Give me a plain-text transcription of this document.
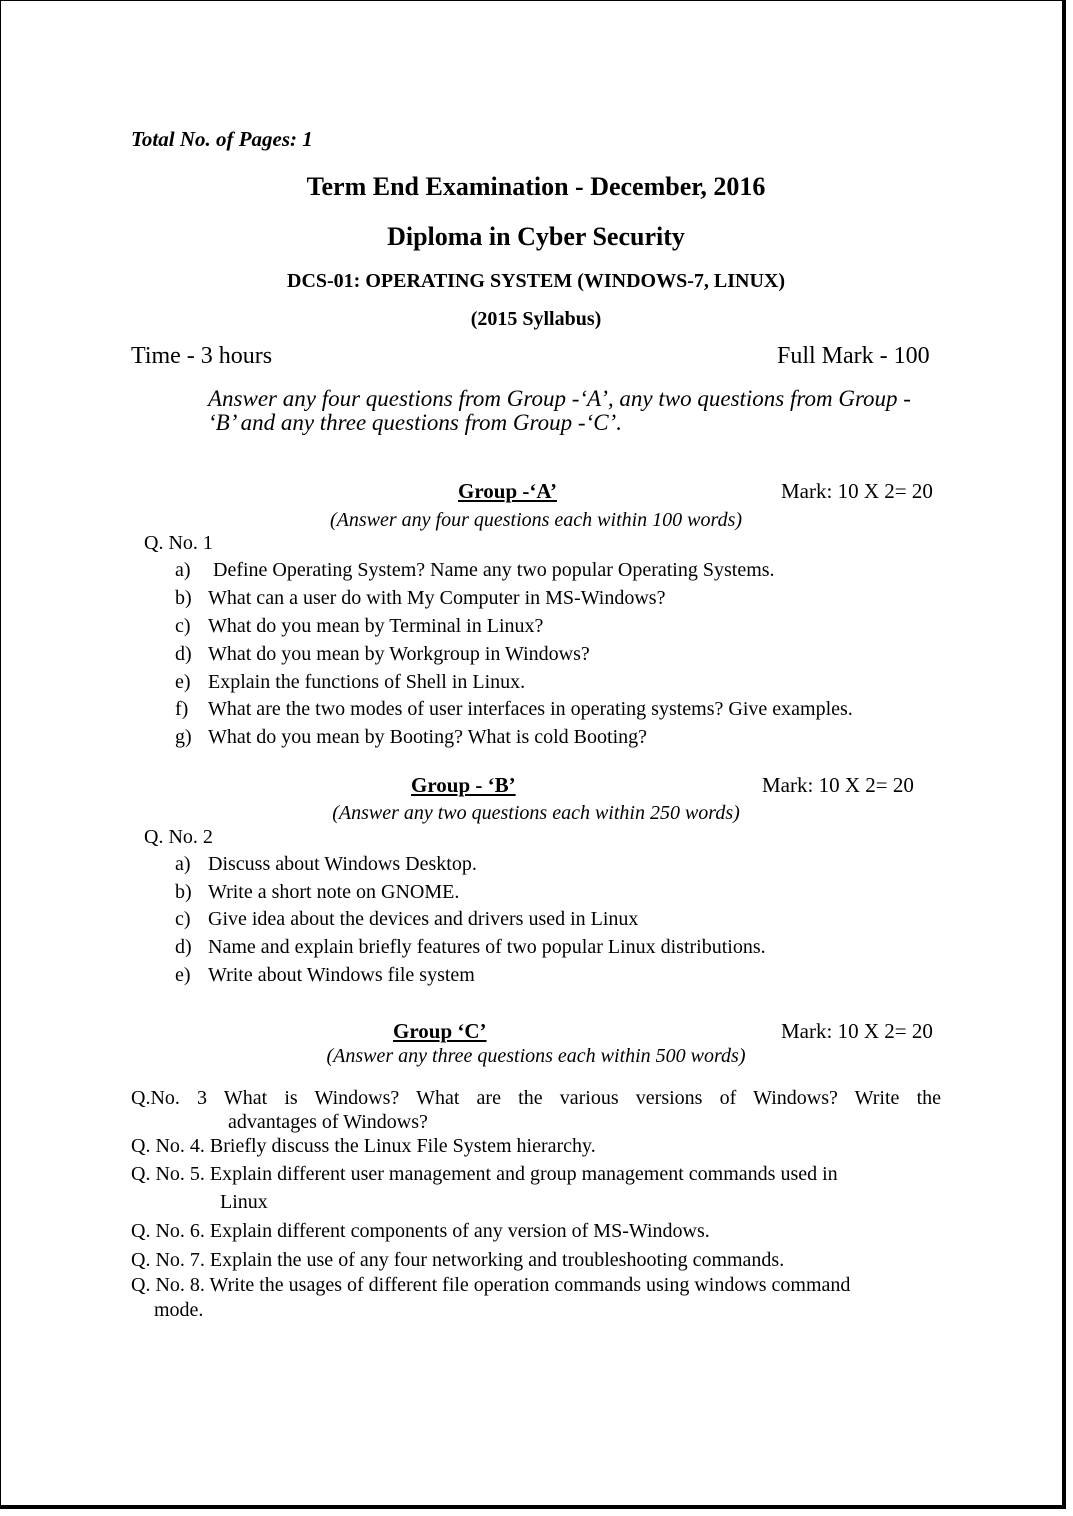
Total No. of Pages: 1
Term End Examination - December, 2016
Diploma in Cyber Security
DCS-01: OPERATING SYSTEM (WINDOWS-7, LINUX)
(2015 Syllabus)
Time - 3 hours	Full Mark - 100
Answer any four questions from Group -‘A’, any two questions from Group - ‘B’ and any three questions from Group -‘C’.
Group -‘A’	Mark: 10 X 2= 20
(Answer any four questions each within 100 words)
Q. No. 1
a) Define Operating System? Name any two popular Operating Systems.
b) What can a user do with My Computer in MS-Windows?
c) What do you mean by Terminal in Linux?
d) What do you mean by Workgroup in Windows?
e) Explain the functions of Shell in Linux.
f) What are the two modes of user interfaces in operating systems? Give examples.
g) What do you mean by Booting? What is cold Booting?
Group - ‘B’	Mark: 10 X 2= 20
(Answer any two questions each within 250 words)
Q. No. 2
a) Discuss about Windows Desktop.
b) Write a short note on GNOME.
c) Give idea about the devices and drivers used in Linux
d) Name and explain briefly features of two popular Linux distributions.
e) Write about Windows file system
Group ‘C’	Mark: 10 X 2= 20
(Answer any three questions each within 500 words)
Q.No. 3 What is Windows? What are the various versions of Windows? Write the
advantages of Windows?
Q. No. 4. Briefly discuss the Linux File System hierarchy.
Q. No. 5. Explain different user management and group management commands used in
Linux
Q. No. 6. Explain different components of any version of MS-Windows.
Q. No. 7. Explain the use of any four networking and troubleshooting commands.
Q. No. 8. Write the usages of different file operation commands using windows command
mode.
